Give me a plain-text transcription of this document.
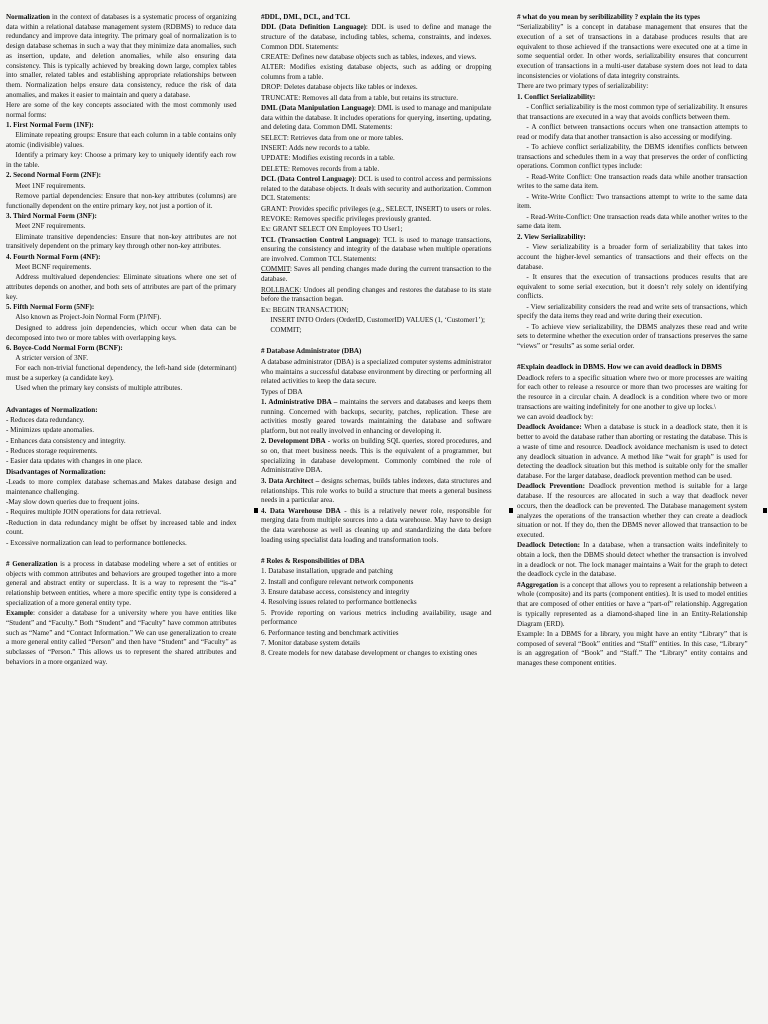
Normalization in the context of databases is a systematic process of organizing data within a relational database management system (RDBMS) to reduce data redundancy and improve data integrity. The primary goal of normalization is to design database schemas in such a way that they minimize data anomalies, such as insertion, update, and deletion anomalies, while also ensuring data consistency. This is typically achieved by breaking down large, complex tables into smaller, related tables and establishing appropriate relationships between them. Normalization helps ensure data consistency, reduce the risk of data anomalies, and makes it easier to maintain and query a database.

Here are some of the key concepts associated with the most commonly used normal forms:

1. First Normal Form (1NF):

Eliminate repeating groups: Ensure that each column in a table contains only atomic (indivisible) values.

Identify a primary key: Choose a primary key to uniquely identify each row in the table.

2. Second Normal Form (2NF):

Meet 1NF requirements.

Remove partial dependencies: Ensure that non-key attributes (columns) are functionally dependent on the entire primary key, not just a portion of it.

3. Third Normal Form (3NF):

Meet 2NF requirements.

Eliminate transitive dependencies: Ensure that non-key attributes are not transitively dependent on the primary key through other non-key attributes.

4. Fourth Normal Form (4NF):

Meet BCNF requirements.

Address multivalued dependencies: Eliminate situations where one set of attributes depends on another, and both sets of attributes are part of the primary key.

5. Fifth Normal Form (5NF):

Also known as Project-Join Normal Form (PJ/NF).

Designed to address join dependencies, which occur when data can be decomposed into two or more tables with overlapping keys.

6. Boyce-Codd Normal Form (BCNF):

A stricter version of 3NF.

For each non-trivial functional dependency, the left-hand side (determinant) must be a superkey (a candidate key).

Used when the primary key consists of multiple attributes.

Advantages of Normalization:

- Reduces data redundancy.

- Minimizes update anomalies.

- Enhances data consistency and integrity.

- Reduces storage requirements.

- Easier data updates with changes in one place.

Disadvantages of Normalization:

-Leads to more complex database schemas.and Makes database design and maintenance challenging.

-May slow down queries due to frequent joins.

- Requires multiple JOIN operations for data retrieval.

-Reduction in data redundancy might be offset by increased table and index count.

- Excessive normalization can lead to performance bottlenecks.

# Generalization is a process in database modeling where a set of entities or objects with common attributes and behaviors are grouped together into a more general and abstract entity or superclass. It is a way to represent the “is-a” relationship between entities, where a more specific entity type is considered a specialization of a more general entity type.

Example: consider a database for a university where you have entities like “Student” and “Faculty.” Both “Student” and “Faculty” have common attributes such as “Name” and “Contact Information.” We can use generalization to create a more general entity called “Person” and then have “Student” and “Faculty” as subclasses of “Person.” This allows us to represent the shared attributes and behaviors in a more organized way.

#DDL, DML, DCL, and TCL

DDL (Data Definition Language): DDL is used to define and manage the structure of the database, including tables, schema, constraints, and indexes. Common DDL Statements:

CREATE: Defines new database objects such as tables, indexes, and views.

ALTER: Modifies existing database objects, such as adding or dropping columns from a table.

DROP: Deletes database objects like tables or indexes.

TRUNCATE: Removes all data from a table, but retains its structure.

DML (Data Manipulation Language): DML is used to manage and manipulate data within the database. It includes operations for querying, inserting, updating, and deleting data. Common DML Statements:

SELECT: Retrieves data from one or more tables.

INSERT: Adds new records to a table.

UPDATE: Modifies existing records in a table.

DELETE: Removes records from a table.

DCL (Data Control Language): DCL is used to control access and permissions related to the database objects. It deals with security and authorization. Common DCL Statements:

GRANT: Provides specific privileges (e.g., SELECT, INSERT) to users or roles.

REVOKE: Removes specific privileges previously granted.

Ex: GRANT SELECT ON Employees TO User1;

TCL (Transaction Control Language): TCL is used to manage transactions, ensuring the consistency and integrity of the database when multiple operations are involved. Common TCL Statements:

COMMIT: Saves all pending changes made during the current transaction to the database.

ROLLBACK: Undoes all pending changes and restores the database to its state before the transaction began.

Ex: BEGIN TRANSACTION;

INSERT INTO Orders (OrderID, CustomerID) VALUES (1, ‘Customer1’);

COMMIT;

# Database Administrator (DBA)

A database administrator (DBA) is a specialized computer systems administrator who maintains a successful database environment by directing or performing all related activities to keep the data secure.

Types of DBA

1. Administrative DBA – maintains the servers and databases and keeps them running. Concerned with backups, security, patches, replication. These are activities mostly geared towards maintaining the database and software platform, but not really involved in enhancing or developing it.

2. Development DBA - works on building SQL queries, stored procedures, and so on, that meet business needs. This is the equivalent of a programmer, but specializing in database development. Commonly combined the role of Administrative DBA.

3. Data Architect – designs schemas, builds tables indexes, data structures and relationships. This role works to build a structure that meets a general business needs in a particular area.

4. Data Warehouse DBA - this is a relatively newer role, responsible for merging data from multiple sources into a data warehouse. May have to design the data warehouse as well as cleaning up and standardizing the data before loading using specialist data loading and transformation tools.

# Roles & Responsibilities of DBA

1. Database installation, upgrade and patching

2. Install and configure relevant network components

3. Ensure database access, consistency and integrity

4. Resolving issues related to performance bottlenecks

5. Provide reporting on various metrics including availability, usage and performance

6. Performance testing and benchmark activities

7. Monitor database system details

8. Create models for new database development or changes to existing ones

# what do you mean by seribilizability ? explain the its types

“Serializability” is a concept in database management that ensures that the execution of a set of transactions in a database produces results that are equivalent to those achieved if the transactions were executed one at a time in some sequential order. In other words, serializability ensures that concurrent execution of transactions in a multi-user database system does not lead to data inconsistencies or violations of data integrity constraints.

There are two primary types of serializability:

1. Conflict Serializability:

- Conflict serializability is the most common type of serializability. It ensures that transactions are executed in a way that avoids conflicts between them.

- A conflict between transactions occurs when one transaction attempts to read or modify data that another transaction is also accessing or modifying.

- To achieve conflict serializability, the DBMS identifies conflicts between transactions and schedules them in a way that preserves the order of conflicting operations. Common conflict types include:

- Read-Write Conflict: One transaction reads data while another transaction writes to the same data item.

- Write-Write Conflict: Two transactions attempt to write to the same data item.

- Read-Write-Conflict: One transaction reads data while another writes to the same data item.

2. View Serializability:

- View serializability is a broader form of serializability that takes into account the higher-level semantics of transactions and their effects on the database.

- It ensures that the execution of transactions produces results that are equivalent to some serial execution, but it doesn’t rely solely on identifying conflicts.

- View serializability considers the read and write sets of transactions, which specify the data items they read and write during their execution.

- To achieve view serializability, the DBMS analyzes these read and write sets to determine whether the execution order of transactions preserves the same “views” or “results” as some serial order.

#Explain deadlock in DBMS. How we can avoid deadlock in DBMS

Deadlock refers to a specific situation where two or more processes are waiting for each other to release a resource or more than two processes are waiting for the resource in a circular chain. A deadlock is a condition where two or more transactions are waiting indefinitely for one another to give up locks.\

we can avoid deadlock by:

Deadlock Avoidance: When a database is stuck in a deadlock state, then it is better to avoid the database rather than aborting or restating the database. This is a waste of time and resource. Deadlock avoidance mechanism is used to detect any deadlock situation in advance. A method like “wait for graph” is used for detecting the deadlock situation but this method is suitable only for the smaller database. For the larger database, deadlock prevention method can be used.

Deadlock Prevention: Deadlock prevention method is suitable for a large database. If the resources are allocated in such a way that deadlock never occurs, then the deadlock can be prevented. The Database management system analyzes the operations of the transaction whether they can create a deadlock situation or not. If they do, then the DBMS never allowed that transaction to be executed.

Deadlock Detection: In a database, when a transaction waits indefinitely to obtain a lock, then the DBMS should detect whether the transaction is involved in a deadlock or not. The lock manager maintains a Wait for the graph to detect the deadlock cycle in the database.

#Aggregation is a concept that allows you to represent a relationship between a whole (composite) and its parts (component entities). It is used to model entities that are composed of other entities or have a “part-of” relationship. Aggregation is typically represented as a diamond-shaped line in an Entity-Relationship Diagram (ERD).

Example: In a DBMS for a library, you might have an entity “Library” that is composed of several “Book” entities and “Staff” entities. In this case, “Library” is an aggregation of “Book” and “Staff.” The “Library” entity contains and manages these component entities.
